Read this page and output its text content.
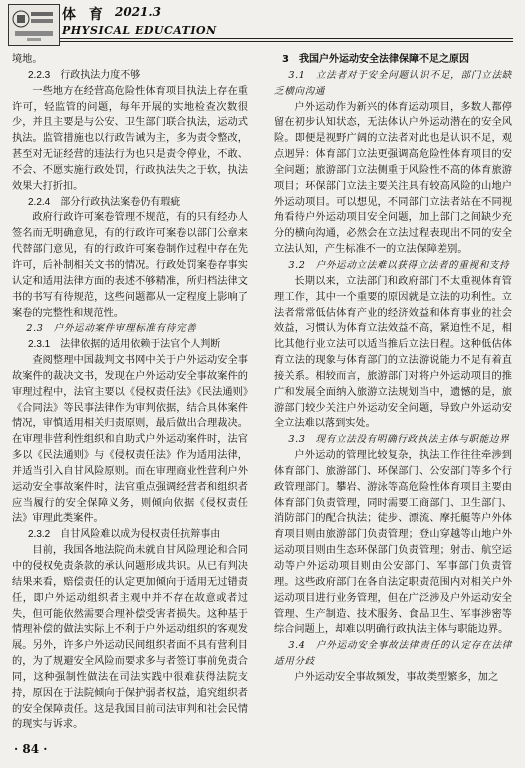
体 育 2021.3
PHYSICAL EDUCATION

境地。

2.2.3　行政执法力度不够

一些地方在经营高危险性体育项目执法上存在重许可，轻监管的问题，每年开展的实地检查次数很少，并且主要是与公安、卫生部门联合执法，运动式执法。监管措施也以行政告诫为主，多为责令整改，甚至对无证经营的违法行为也只是责令停业，不敢、不会、不愿实施行政处罚，行政执法失之于软，执法效果大打折扣。

2.2.4　部分行政执法案卷仍有瑕疵

政府行政许可案卷管理不规范，有的只有经办人签名而无明确意见，有的行政许可案卷以部门公章来代替部门意见，有的行政许可案卷制作过程中存在先许可，后补制相关文书的情况。行政处罚案卷存事实认定和适用法律方面的表述不够精准，所归档法律文书的书写有待规范，这些问题都从一定程度上影响了案卷的完整性和规范性。

2.3　户外运动案件审理标准有待完善

2.3.1　法律依据的适用依赖于法官个人判断

查阅整理中国裁判文书网中关于户外运动安全事故案件的裁决文书，发现在户外运动安全事故案件的审理过程中，法官主要以《侵权责任法》《民法通则》《合同法》等民事法律作为审判依据，结合具体案件情况，审慎适用相关归责原则，最后做出合理裁决。在审理非营利性组织和自助式户外运动案件时，法官多以《民法通则》与《侵权责任法》作为适用法律，并适当引入自甘风险原则。而在审理商业性营利户外运动安全事故案件时，法官重点强调经营者和组织者应当履行的安全保障义务，则倾向依据《侵权责任法》审理此类案件。

2.3.2　自甘风险难以成为侵权责任抗辩事由

目前，我国各地法院尚未就自甘风险理论和合同中的侵权免责条款的承认问题形成共识。从已有判决结果来看，赔偿责任的认定更加倾向于适用无过错责任，即户外运动组织者主观中并不存在故意或者过失，但可能依然需要合理补偿受害者损失。这种基于情理补偿的做法实际上不利于户外运动组织的客观发展。另外，许多户外运动民间组织者面不具有营利目的，为了规避安全风险而要求多与者签订事前免责合同，这种强制性做法在司法实践中很难获得法院支持，原因在于法院倾向于保护弱者权益，追究组织者的安全保障责任。这是我国目前司法审判和社会民情的现实与诉求。

3　我国户外运动安全法律保障不足之原因

3.1　立法者对于安全问题认识不足，部门立法缺乏横向沟通

户外运动作为新兴的体育运动项目，多数人都停留在初步认知状态，无法体认户外运动潜在的安全风险。即便是视野广阔的立法者对此也是认识不足，观点迥异：体育部门立法更强调高危险性体育项目的安全问题；旅游部门立法侧重于风险性不高的体育旅游项目；环保部门立法主要关注具有较高风险的山地户外运动项目。可以想见，不同部门立法者站在不同视角看待户外运动项目安全问题，加上部门之间缺少充分的横向沟通，必然会在立法过程表现出不同的安全立法认知，产生标准不一的立法保障差别。

3.2　户外运动立法难以获得立法者的重视和支持

长期以来，立法部门和政府部门不太重视体育管理工作，其中一个重要的原因就是立法的功利性。立法者常常低估体育产业的经济效益和体育事业的社会效益，习惯认为体育立法效益不高，紧迫性不足，相比其他行业立法可以适当推后立法日程。这种低估体育立法的现象与体育部门的立法游说能力不足有着直接关系。相较而言，旅游部门对将户外运动项目的推广和发展全面纳入旅游立法规划当中，遗憾的是，旅游部门较少关注户外运动安全问题，导致户外运动安全立法难以落到实处。

3.3　现有立法没有明确行政执法主体与职能边界

户外运动的管理比较复杂，执法工作往往牵涉到体育部门、旅游部门、环保部门、公安部门等多个行政管理部门。攀岩、游泳等高危险性体育项目主要由体育部门负责管理，同时需要工商部门、卫生部门、消防部门的配合执法；徒步、漂流、摩托艇等户外体育项目则由旅游部门负责管理；登山穿越等山地户外运动项目则由生态环保部门负责管理；射击、航空运动等户外运动项目则由公安部门、军事部门负责管理。这些政府部门在各自法定职责范围内对相关户外运动项目进行业务管理，但在广泛涉及户外运动安全管理、生产制造、技术服务、食品卫生、军事涉密等综合问题上，却难以明确行政执法主体与职能边界。

3.4　户外运动安全事故法律责任的认定存在法律适用分歧

户外运动安全事故频发，事故类型繁多，加之

· 84 ·
